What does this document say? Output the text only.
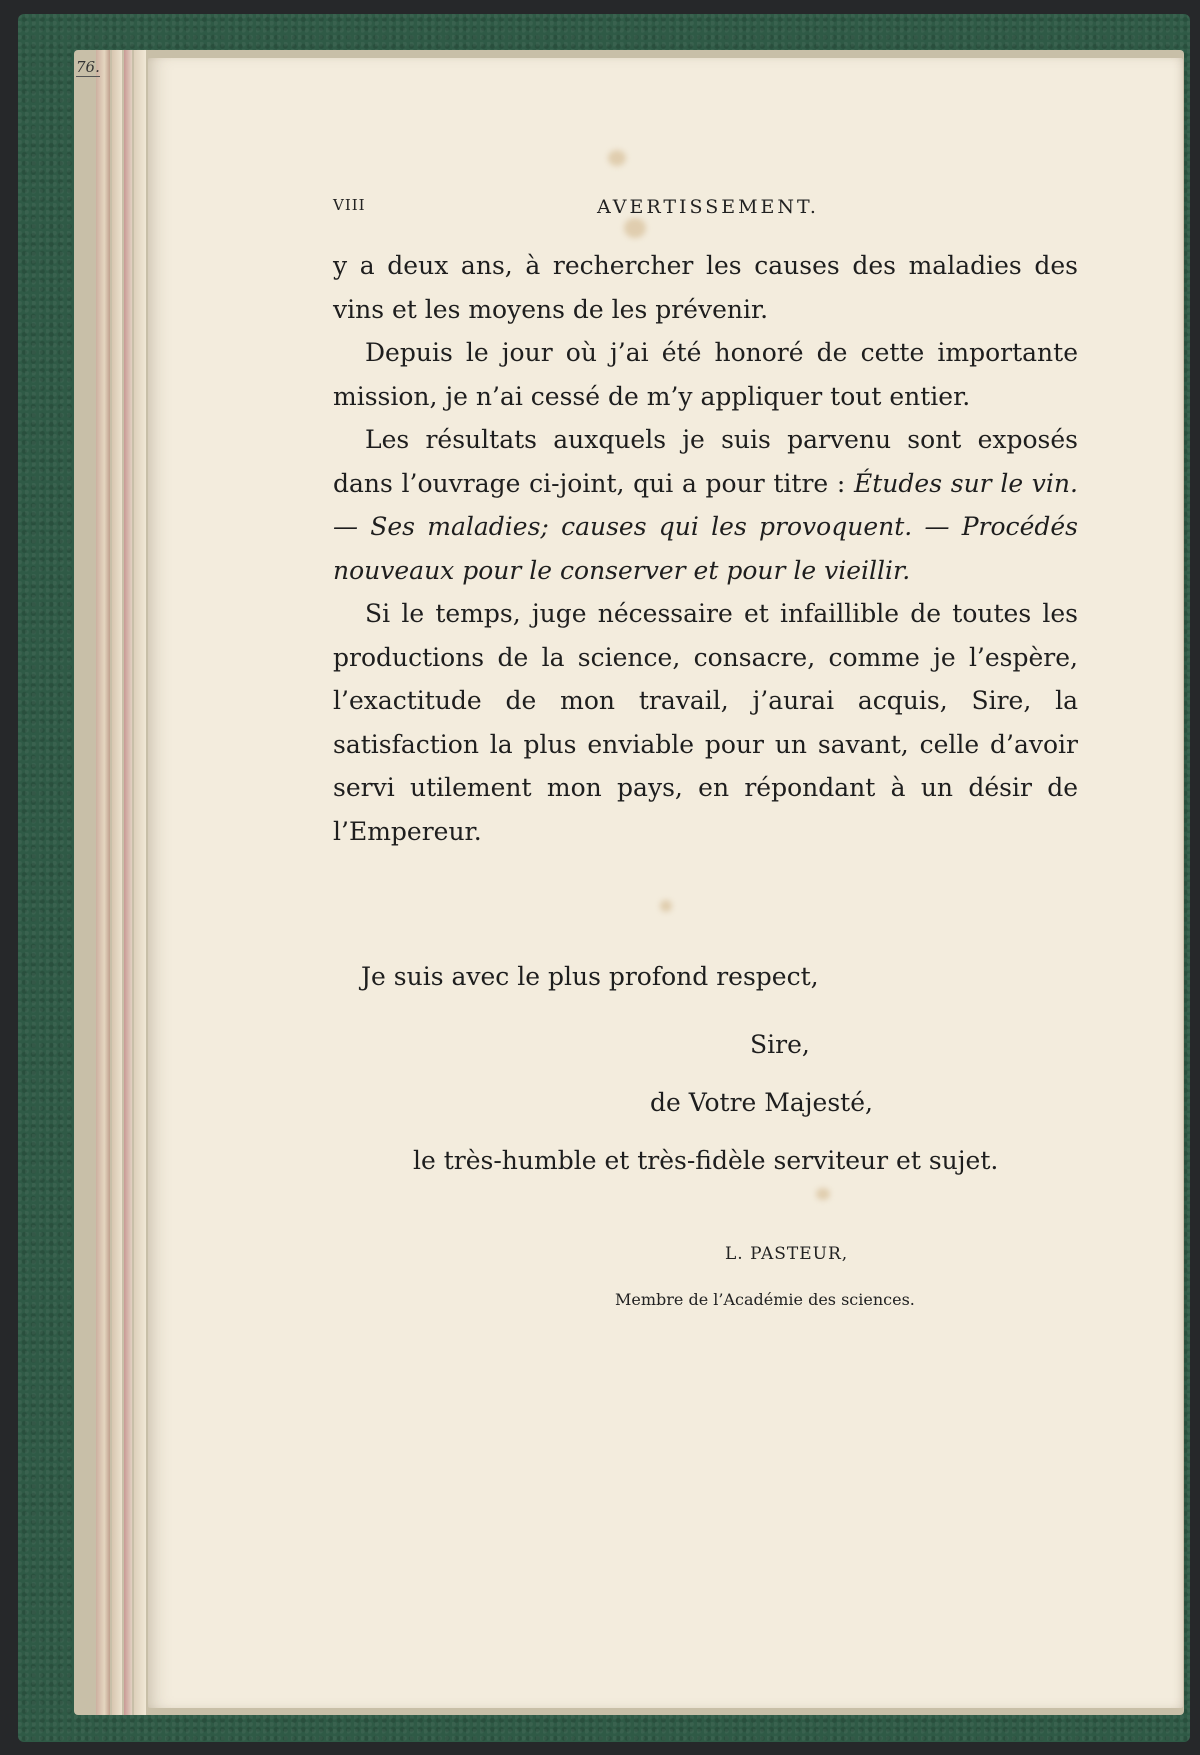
76.
VIII	AVERTISSEMENT.

y a deux ans, à rechercher les causes des maladies des vins et les moyens de les prévenir.

Depuis le jour où j’ai été honoré de cette importante mission, je n’ai cessé de m’y appliquer tout entier.

Les résultats auxquels je suis parvenu sont exposés dans l’ouvrage ci-joint, qui a pour titre : Études sur le vin. — Ses maladies; causes qui les provoquent. — Procédés nouveaux pour le conserver et pour le vieillir.

Si le temps, juge nécessaire et infaillible de toutes les productions de la science, consacre, comme je l’espère, l’exactitude de mon travail, j’aurai acquis, Sire, la satisfaction la plus enviable pour un savant, celle d’avoir servi utilement mon pays, en répondant à un désir de l’Empereur.

Je suis avec le plus profond respect,
Sire,
de Votre Majesté,
le très-humble et très-fidèle serviteur et sujet.
L. PASTEUR,
Membre de l’Académie des sciences.
